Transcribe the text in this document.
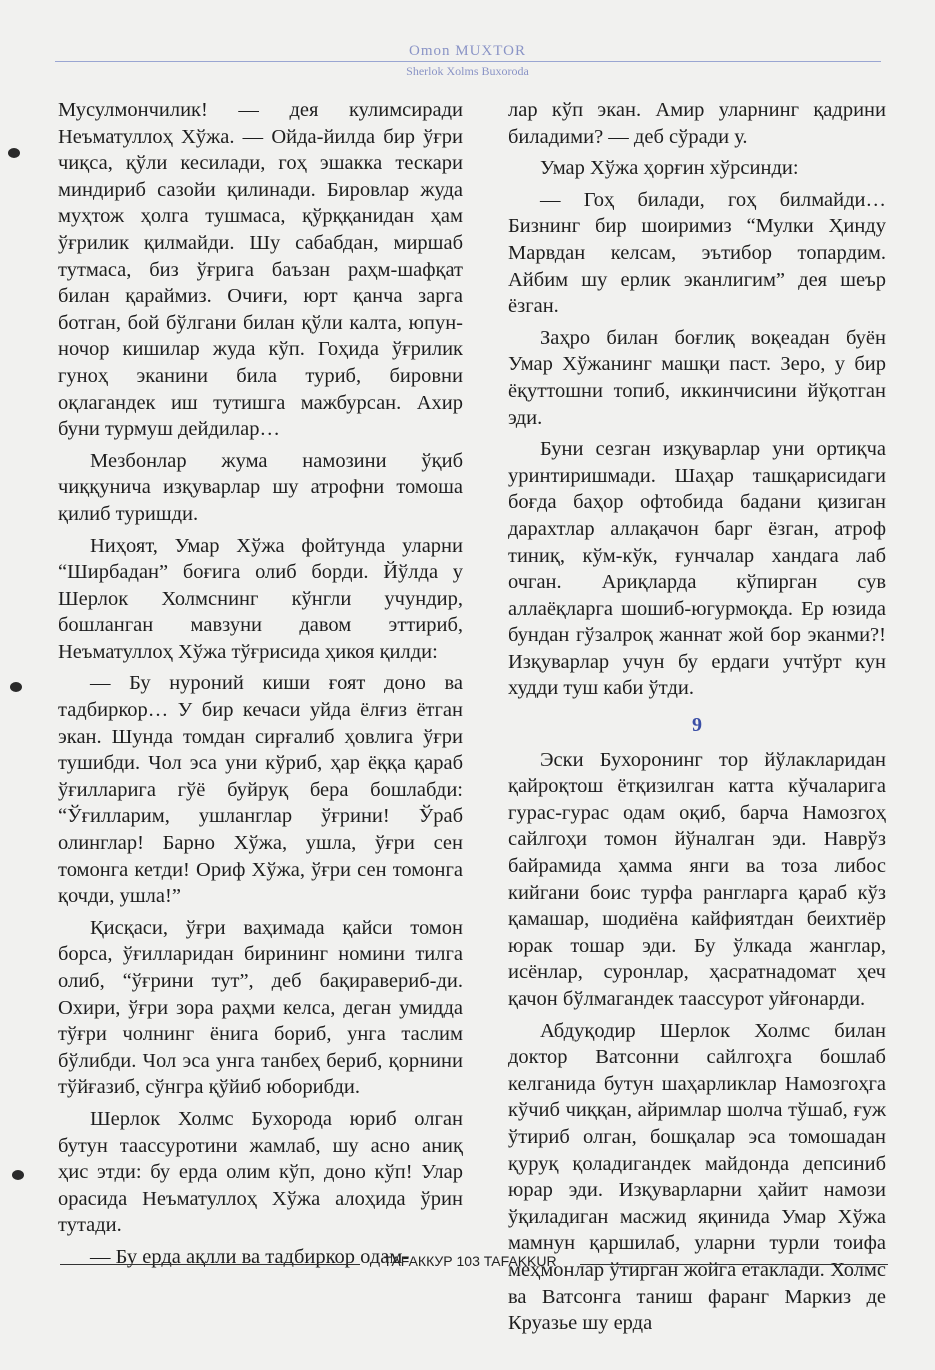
Omon MUXTOR
Sherlok Xolms Buxoroda

Мусулмончилик! — дея кулимсиради Неъматуллоҳ Хўжа. — Ойда-йилда бир ўғри чиқса, қўли кесилади, гоҳ эшакка тескари миндириб сазойи қилинади. Бировлар жуда муҳтож ҳолга тушмаса, қўрққанидан ҳам ўғрилик қилмайди. Шу сабабдан, миршаб тутмаса, биз ўғрига баъзан раҳм-шафқат билан қараймиз. Очиғи, юрт қанча зарга ботган, бой бўлгани билан қўли калта, юпун-ночор кишилар жуда кўп. Гоҳида ўғрилик гуноҳ эканини била туриб, бировни оқлагандек иш тутишга мажбурсан. Ахир буни турмуш дейдилар…

Мезбонлар жума намозини ўқиб чиққунича изқуварлар шу атрофни томоша қилиб туришди.

Ниҳоят, Умар Хўжа фойтунда уларни “Ширбадан” боғига олиб борди. Йўлда у Шерлок Холмснинг кўнгли учундир, бошланган мавзуни давом эттириб, Неъматуллоҳ Хўжа тўғрисида ҳикоя қилди:

— Бу нуроний киши ғоят доно ва тадбиркор… У бир кечаси уйда ёлғиз ётган экан. Шунда томдан сирғалиб ҳовлига ўғри тушибди. Чол эса уни кўриб, ҳар ёққа қараб ўғилларига гўё буйруқ бера бошлабди: “Ўғилларим, ушланглар ўғрини! Ўраб олинглар! Барно Хўжа, ушла, ўғри сен томонга кетди! Ориф Хўжа, ўғри сен томонга қочди, ушла!”

Қисқаси, ўғри ваҳимада қайси томон борса, ўғилларидан бирининг номини тилга олиб, “ўғрини тут”, деб бақиравериб-ди. Охири, ўғри зора раҳми келса, деган умидда тўғри чолнинг ёнига бориб, унга таслим бўлибди. Чол эса унга танбеҳ бериб, қорнини тўйғазиб, сўнгра қўйиб юборибди.

Шерлок Холмс Бухорода юриб олган бутун таассуротини жамлаб, шу асно аниқ ҳис этди: бу ерда олим кўп, доно кўп! Улар орасида Неъматуллоҳ Хўжа алоҳида ўрин тутади.

— Бу ерда ақлли ва тадбиркор одам-

лар кўп экан. Амир уларнинг қадрини биладими? — деб сўради у.

Умар Хўжа ҳорғин хўрсинди:

— Гоҳ билади, гоҳ билмайди… Бизнинг бир шоиримиз “Мулки Ҳинду Марвдан келсам, эътибор топардим. Айбим шу ерлик эканлигим” дея шеър ёзган.

Заҳро билан боғлиқ воқеадан буён Умар Хўжанинг машқи паст. Зеро, у бир ёқуттошни топиб, иккинчисини йўқотган эди.

Буни сезган изқуварлар уни ортиқча уринтиришмади. Шаҳар ташқарисидаги боғда баҳор офтобида бадани қизиган дарахтлар аллақачон барг ёзган, атроф тиниқ, кўм-кўк, ғунчалар хандага лаб очган. Ариқларда кўпирган сув аллаёқларга шошиб-югурмоқда. Ер юзида бундан гўзалроқ жаннат жой бор эканми?! Изқуварлар учун бу ердаги учтўрт кун худди туш каби ўтди.

9

Эски Бухоронинг тор йўлакларидан қайроқтош ётқизилган катта кўчаларига гурас-гурас одам оқиб, барча Намозгоҳ сайлгоҳи томон йўналган эди. Наврўз байрамида ҳамма янги ва тоза либос кийгани боис турфа рангларга қараб кўз қамашар, шодиёна кайфиятдан беихтиёр юрак тошар эди. Бу ўлкада жанглар, исёнлар, суронлар, ҳасратнадомат ҳеч қачон бўлмагандек таассурот уйғонарди.

Абдуқодир Шерлок Холмс билан доктор Ватсонни сайлгоҳга бошлаб келганида бутун шаҳарликлар Намозгоҳга кўчиб чиққан, айримлар шолча тўшаб, ғуж ўтириб олган, бошқалар эса томошадан қуруқ қоладигандек майдонда депсиниб юрар эди. Изқуварларни ҳайит намози ўқиладиган масжид яқинида Умар Хўжа мамнун қаршилаб, уларни турли тоифа меҳмонлар ўтирган жойга етаклади. Холмс ва Ватсонга таниш фаранг Маркиз де Круазье шу ерда

ТАFAККУР 103 TAFAKKUR
